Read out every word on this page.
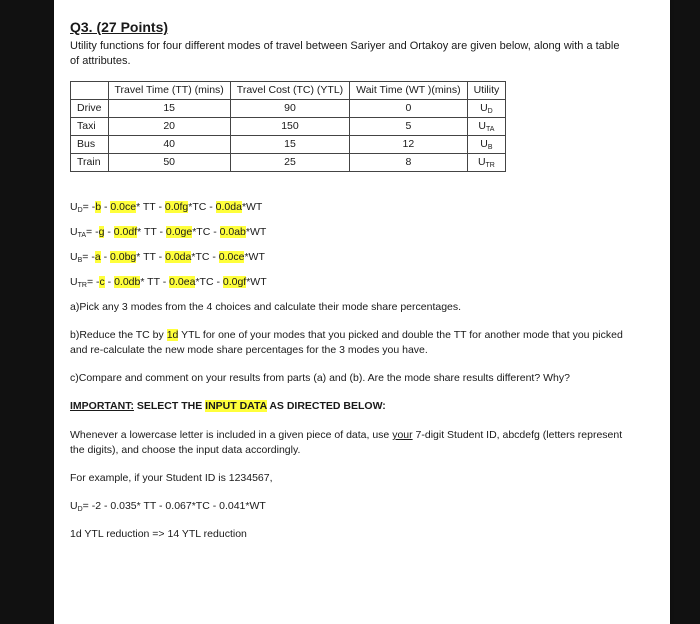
Q3. (27 Points)
Utility functions for four different modes of travel between Sariyer and Ortakoy are given below, along with a table of attributes.
	Travel Time (TT) (mins)	Travel Cost (TC) (YTL)	Wait Time (WT )(mins)	Utility
Drive	15	90	0	$U_D$
Taxi	20	150	5	$U_{TA}$
Bus	40	15	12	$U_B$
Train	50	25	8	$U_{TR}$
$U_D= -b - 0.0ce*$ TT - 0.0fg*TC - 0.0da*WT
$U_{TA}= -g - 0.0df*$ TT - 0.0ge*TC - 0.0ab*WT
$U_B= -a - 0.0bg*$ TT - 0.0da*TC - 0.0ce*WT
$U_{TR}= -c - 0.0db*$ TT - 0.0ea*TC - 0.0gf*WT
a)Pick any 3 modes from the 4 choices and calculate their mode share percentages.
b)Reduce the TC by 1d YTL for one of your modes that you picked and double the TT for another mode that you picked and re-calculate the new mode share percentages for the 3 modes you have.
c)Compare and comment on your results from parts (a) and (b). Are the mode share results different? Why?
IMPORTANT: SELECT THE INPUT DATA AS DIRECTED BELOW:
Whenever a lowercase letter is included in a given piece of data, use your 7-digit Student ID, abcdefg (letters represent the digits), and choose the input data accordingly.
For example, if your Student ID is 1234567,
$U_D= -2 - 0.035*$ TT - 0.067*TC - 0.041*WT
1d YTL reduction => 14 YTL reduction
